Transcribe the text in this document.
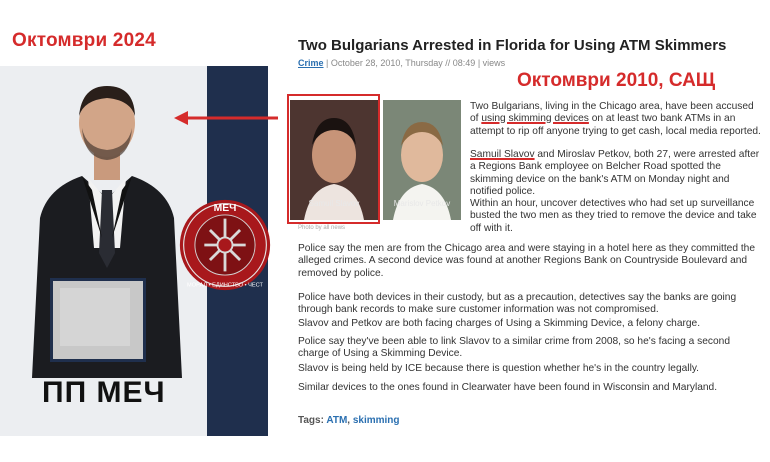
Октомври 2024
ПП МЕЧ
МЕЧ
МОРАЛ • ЕДИНСТВО • ЧЕСТ
Two Bulgarians Arrested in Florida for Using ATM Skimmers
Crime | October 28, 2010, Thursday // 08:49 | views
Октомври 2010, САЩ
Samuil Slavov	Marislov Petkov
Photo by all news
Two Bulgarians, living in the Chicago area, have been accused of using skimming devices on at least two bank ATMs in an attempt to rip off anyone trying to get cash, local media reported.
Samuil Slavov and Miroslav Petkov, both 27, were arrested after a Regions Bank employee on Belcher Road spotted the skimming device on the bank's ATM on Monday night and notified police.
Within an hour, uncover detectives who had set up surveillance busted the two men as they tried to remove the device and take off with it.
Police say the men are from the Chicago area and were staying in a hotel here as they committed the alleged crimes. A second device was found at another Regions Bank on Countryside Boulevard and removed by police.
Police have both devices in their custody, but as a precaution, detectives say the banks are going through bank records to make sure customer information was not compromised.
Slavov and Petkov are both facing charges of Using a Skimming Device, a felony charge.
Police say they've been able to link Slavov to a similar crime from 2008, so he's facing a second charge of Using a Skimming Device.
Slavov is being held by ICE because there is question whether he's in the country legally.
Similar devices to the ones found in Clearwater have been found in Wisconsin and Maryland.
Tags: ATM, skimming
